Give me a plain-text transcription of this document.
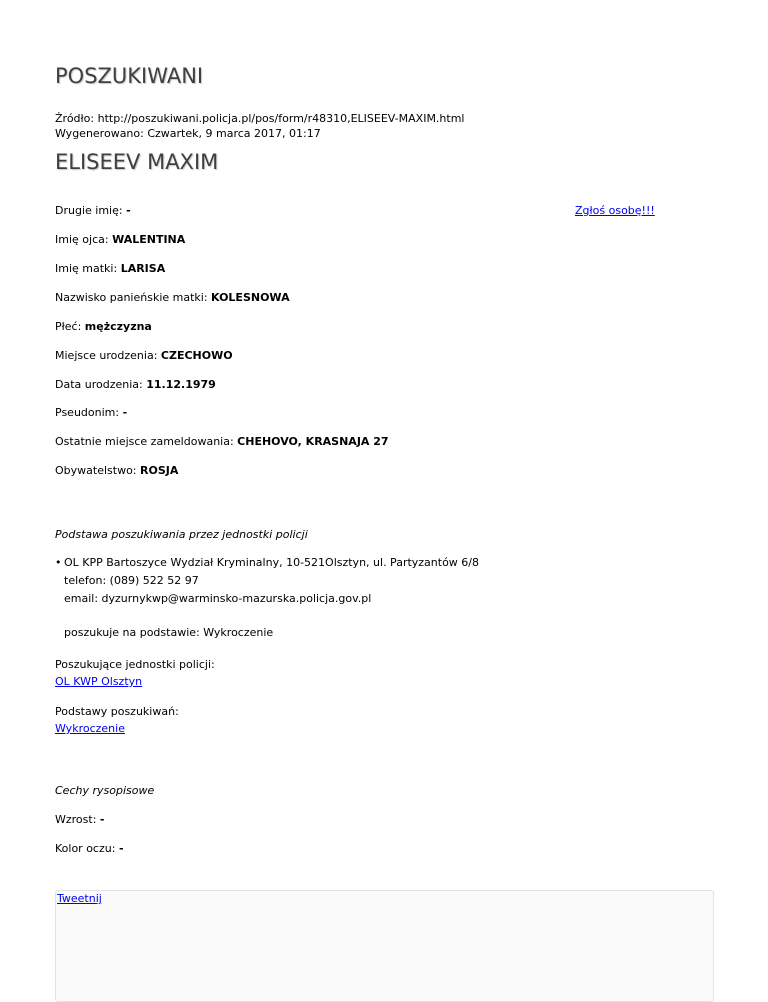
POSZUKIWANI
Źródło: http://poszukiwani.policja.pl/pos/form/r48310,ELISEEV-MAXIM.html
Wygenerowano: Czwartek, 9 marca 2017, 01:17
ELISEEV MAXIM
Zgłoś osobę!!!
Drugie imię: -
Imię ojca: WALENTINA
Imię matki: LARISA
Nazwisko panieńskie matki: KOLESNOWA
Płeć: mężczyzna
Miejsce urodzenia: CZECHOWO
Data urodzenia: 11.12.1979
Pseudonim: -
Ostatnie miejsce zameldowania: CHEHOVO, KRASNAJA 27
Obywatelstwo: ROSJA
Podstawa poszukiwania przez jednostki policji
• OL KPP Bartoszyce Wydział Kryminalny, 10-521Olsztyn, ul. Partyzantów 6/8
telefon: (089) 522 52 97
email: dyzurnykwp@warminsko-mazurska.policja.gov.pl
poszukuje na podstawie: Wykroczenie
Poszukujące jednostki policji:
OL KWP Olsztyn
Podstawy poszukiwań:
Wykroczenie
Cechy rysopisowe
Wzrost: -
Kolor oczu: -
Tweetnij
